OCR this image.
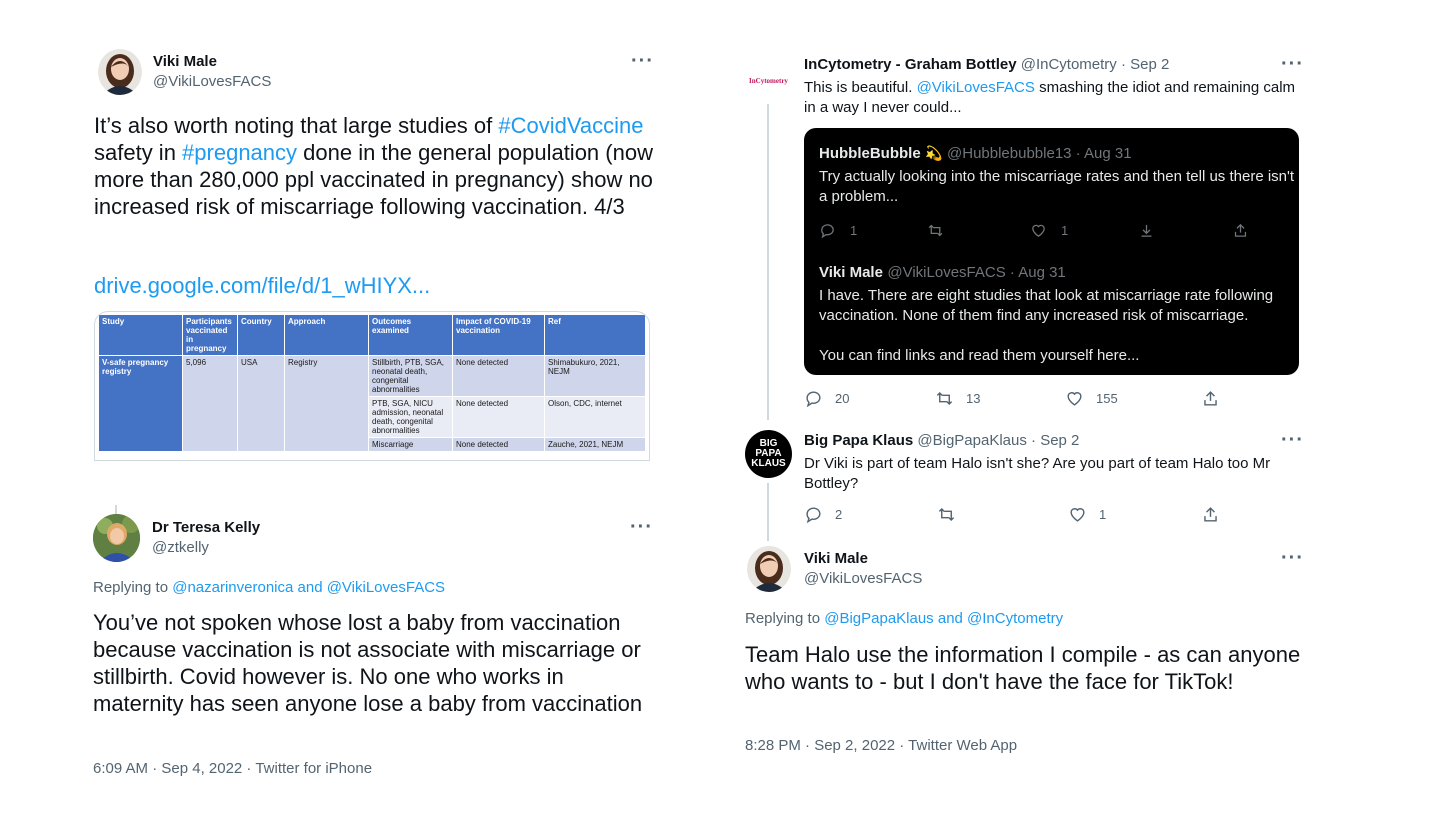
Viki Male
@VikiLovesFACS
···
It’s also worth noting that large studies of #CovidVaccine safety in #pregnancy done in the general population (now more than 280,000 ppl vaccinated in pregnancy) show no increased risk of miscarriage following vaccination. 4/3
drive.google.com/file/d/1_wHIYX...
Study	Participants vaccinated in pregnancy	Country	Approach	Outcomes examined	Impact of COVID-19 vaccination	Ref
V-safe pregnancy registry	5,096	USA	Registry	Stillbirth, PTB, SGA, neonatal death, congenital abnormalities	None detected	Shimabukuro, 2021, NEJM
				PTB, SGA, NICU admission, neonatal death, congenital abnormalities	None detected	Olson, CDC, internet
				Miscarriage	None detected	Zauche, 2021, NEJM
Dr Teresa Kelly
@ztkelly
···
Replying to @nazarinveronica and @VikiLovesFACS
You’ve not spoken whose lost a baby from vaccination because vaccination is not associate with miscarriage or stillbirth. Covid however is. No one who works in maternity has seen anyone lose a baby from vaccination
6:09 AM · Sep 4, 2022 · Twitter for iPhone
InCytometry
InCytometry - Graham Bottley @InCytometry · Sep 2	···
This is beautiful. @VikiLovesFACS smashing the idiot and remaining calm in a way I never could...
HubbleBubble 💫 @Hubblebubble13 · Aug 31
Try actually looking into the miscarriage rates and then tell us there isn't a problem...
1	1
Viki Male @VikiLovesFACS · Aug 31
I have. There are eight studies that look at miscarriage rate following vaccination. None of them find any increased risk of miscarriage.
You can find links and read them yourself here...
20	13	155
BIG PAPA KLAUS
Big Papa Klaus @BigPapaKlaus · Sep 2	···
Dr Viki is part of team Halo isn't she? Are you part of team Halo too Mr Bottley?
2	1
Viki Male
@VikiLovesFACS
···
Replying to @BigPapaKlaus and @InCytometry
Team Halo use the information I compile - as can anyone who wants to - but I don't have the face for TikTok!
8:28 PM · Sep 2, 2022 · Twitter Web App
